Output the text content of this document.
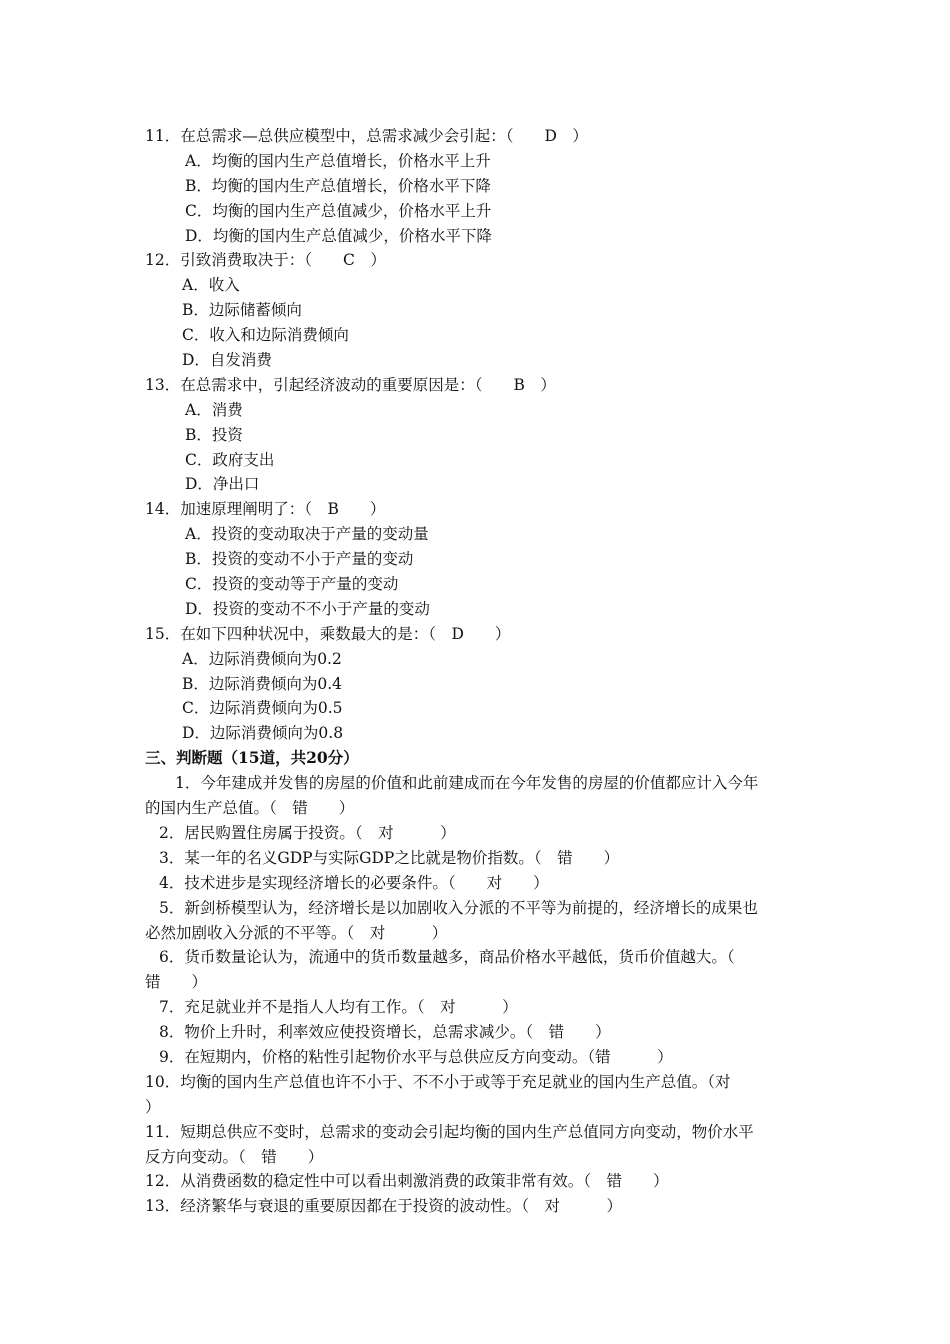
11．在总需求—总供应模型中，总需求减少会引起：（　　D　）
A．均衡的国内生产总值增长，价格水平上升
B．均衡的国内生产总值增长，价格水平下降
C．均衡的国内生产总值减少，价格水平上升
D．均衡的国内生产总值减少，价格水平下降
12．引致消费取决于：（　　C　）
A．收入
B．边际储蓄倾向
C．收入和边际消费倾向
D．自发消费
13．在总需求中，引起经济波动的重要原因是：（　　B　）
A．消费
B．投资
C．政府支出
D．净出口
14．加速原理阐明了：（　B　　）
A．投资的变动取决于产量的变动量
B．投资的变动不小于产量的变动
C．投资的变动等于产量的变动
D．投资的变动不不小于产量的变动
15．在如下四种状况中，乘数最大的是：（　D　　）
A．边际消费倾向为0.2
B．边际消费倾向为0.4
C．边际消费倾向为0.5
D．边际消费倾向为0.8
三、判断题（15道，共20分）
1．今年建成并发售的房屋的价值和此前建成而在今年发售的房屋的价值都应计入今年
的国内生产总值。（　错　　）
2．居民购置住房属于投资。（　对　　　）
3．某一年的名义GDP与实际GDP之比就是物价指数。（　错　　）
4．技术进步是实现经济增长的必要条件。（　　对　　）
5．新剑桥模型认为，经济增长是以加剧收入分派的不平等为前提的，经济增长的成果也
必然加剧收入分派的不平等。（　对　　　）
6．货币数量论认为，流通中的货币数量越多，商品价格水平越低，货币价值越大。（
错　　）
7．充足就业并不是指人人均有工作。（　对　　　）
8．物价上升时，利率效应使投资增长，总需求减少。（　错　　）
9．在短期内，价格的粘性引起物价水平与总供应反方向变动。（错　　　）
10．均衡的国内生产总值也许不小于、不不小于或等于充足就业的国内生产总值。（对
）
11．短期总供应不变时，总需求的变动会引起均衡的国内生产总值同方向变动，物价水平
反方向变动。（　错　　）
12．从消费函数的稳定性中可以看出刺激消费的政策非常有效。（　错　　）
13．经济繁华与衰退的重要原因都在于投资的波动性。（　对　　　）
